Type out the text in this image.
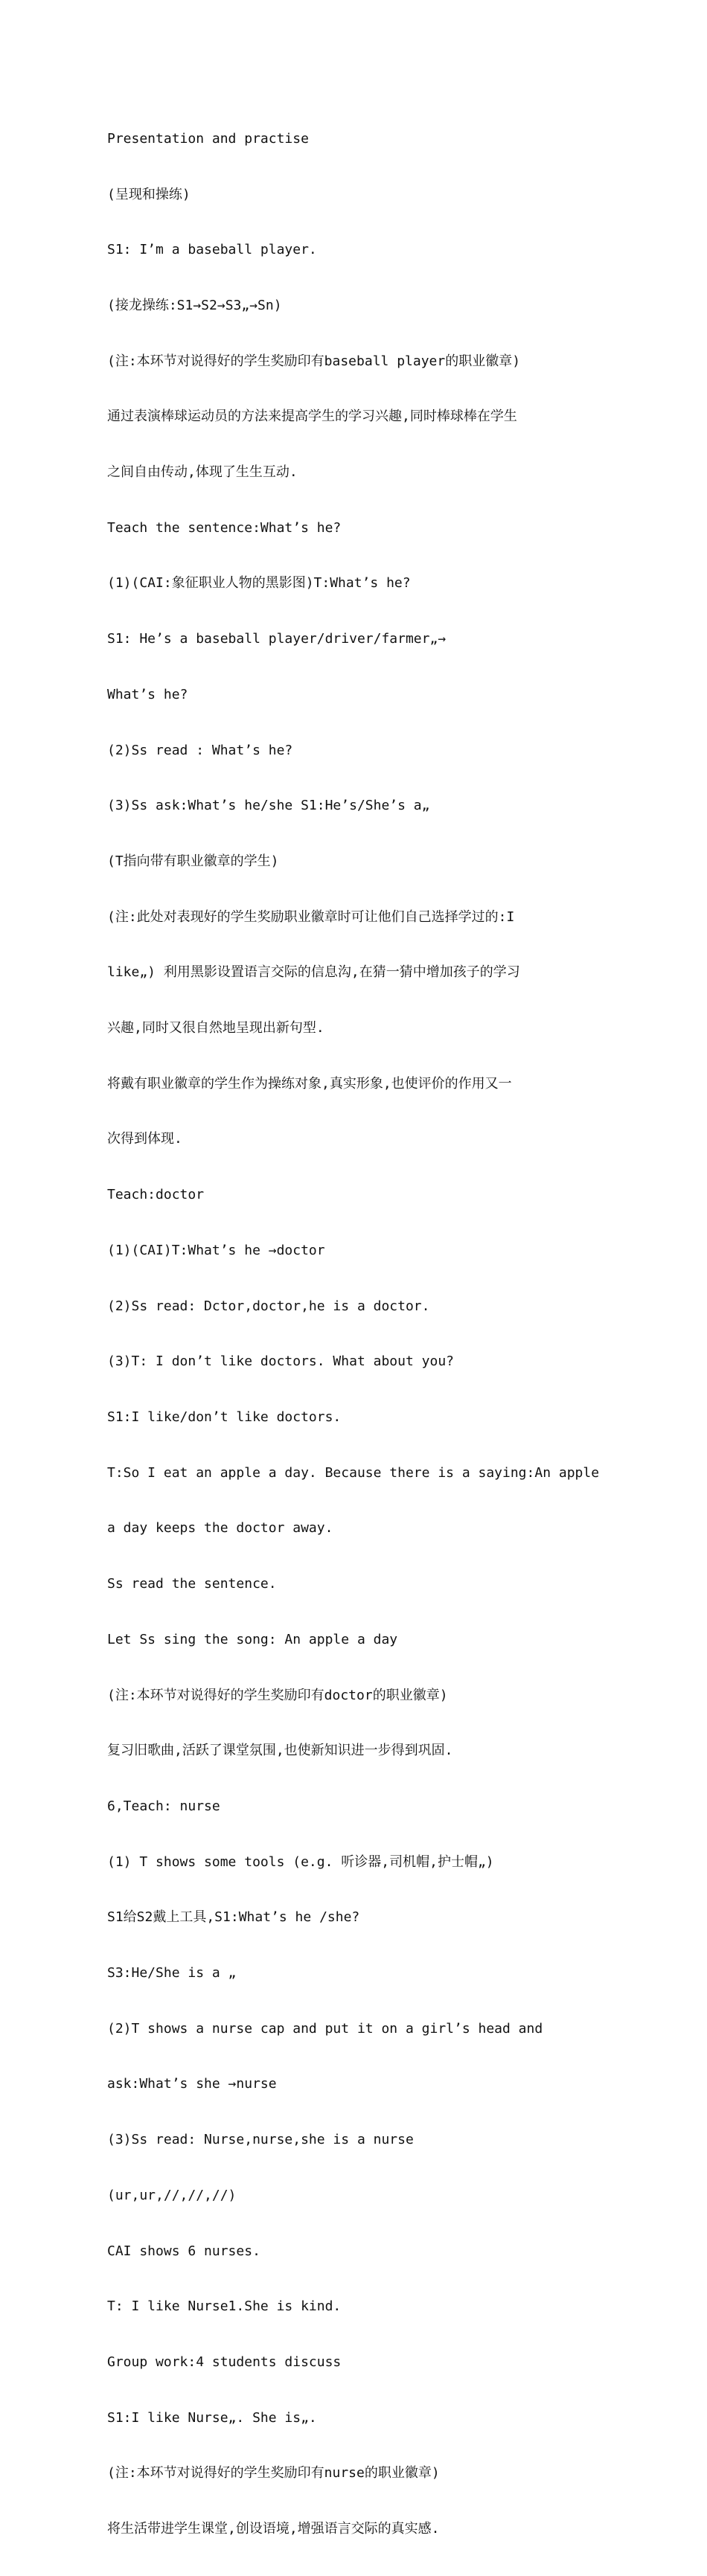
Presentation and practise

(呈现和操练)

S1: I’m a baseball player.

(接龙操练:S1→S2→S3„→Sn)

(注:本环节对说得好的学生奖励印有baseball player的职业徽章)

通过表演棒球运动员的方法来提高学生的学习兴趣,同时棒球棒在学生

之间自由传动,体现了生生互动.

Teach the sentence:What’s he?

(1)(CAI:象征职业人物的黑影图)T:What’s he?

S1: He’s a baseball player/driver/farmer„→

What’s he?

(2)Ss read : What’s he?

(3)Ss ask:What’s he/she S1:He’s/She’s a„

(T指向带有职业徽章的学生)

(注:此处对表现好的学生奖励职业徽章时可让他们自己选择学过的:I

like„) 利用黑影设置语言交际的信息沟,在猜一猜中增加孩子的学习

兴趣,同时又很自然地呈现出新句型.

将戴有职业徽章的学生作为操练对象,真实形象,也使评价的作用又一

次得到体现.

Teach:doctor

(1)(CAI)T:What’s he →doctor

(2)Ss read: Dctor,doctor,he is a doctor.

(3)T: I don’t like doctors. What about you?

S1:I like/don’t like doctors.

T:So I eat an apple a day. Because there is a saying:An apple

a day keeps the doctor away.

Ss read the sentence.

Let Ss sing the song: An apple a day

(注:本环节对说得好的学生奖励印有doctor的职业徽章)

复习旧歌曲,活跃了课堂氛围,也使新知识进一步得到巩固.

6,Teach: nurse

(1) T shows some tools (e.g. 听诊器,司机帽,护士帽„)

S1给S2戴上工具,S1:What’s he /she?

S3:He/She is a „

(2)T shows a nurse cap and put it on a girl’s head and

ask:What’s she →nurse

(3)Ss read: Nurse,nurse,she is a nurse

(ur,ur,//,//,//)

CAI shows 6 nurses.

T: I like Nurse1.She is kind.

Group work:4 students discuss

S1:I like Nurse„. She is„.

(注:本环节对说得好的学生奖励印有nurse的职业徽章)

将生活带进学生课堂,创设语境,增强语言交际的真实感.
